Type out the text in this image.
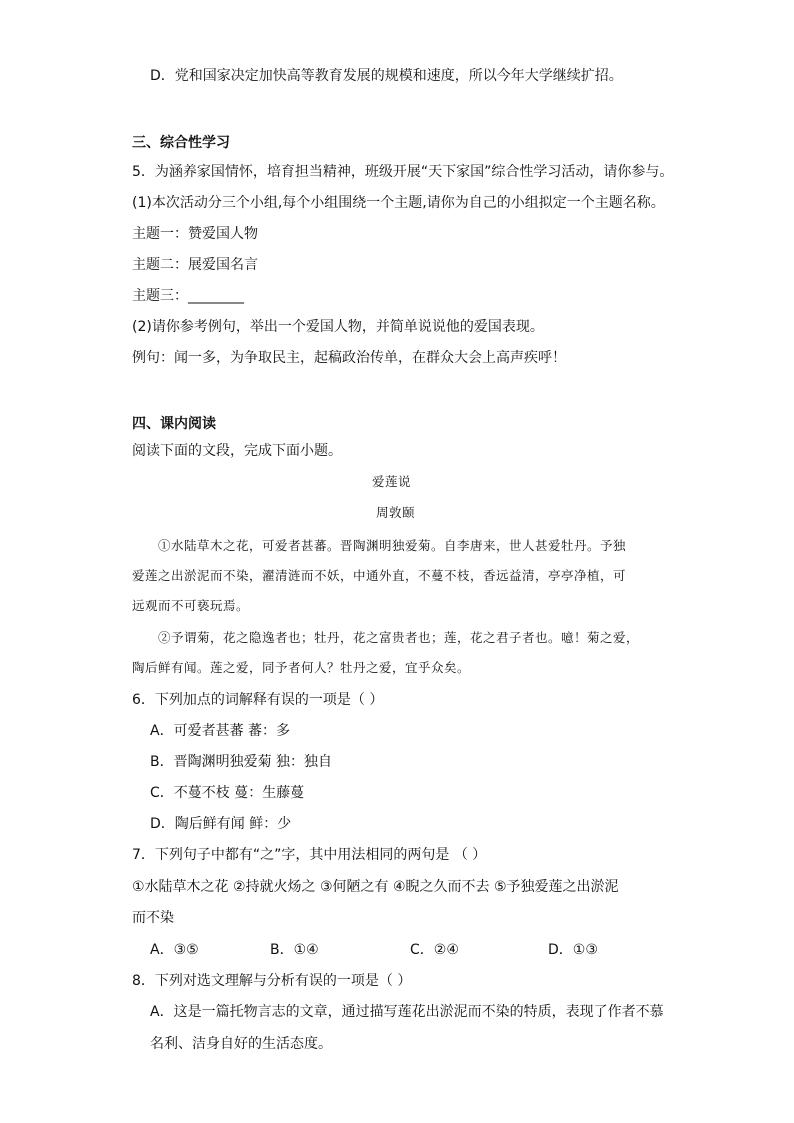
D．党和国家决定加快高等教育发展的规模和速度，所以今年大学继续扩招。
三、综合性学习
5．为涵养家国情怀，培育担当精神，班级开展“天下家国”综合性学习活动，请你参与。
(1)本次活动分三个小组,每个小组围绕一个主题,请你为自己的小组拟定一个主题名称。
主题一：赞爱国人物
主题二：展爱国名言
主题三：________
(2)请你参考例句，举出一个爱国人物，并简单说说他的爱国表现。
例句：闻一多，为争取民主，起稿政治传单，在群众大会上高声疾呼！
四、课内阅读
阅读下面的文段，完成下面小题。
爱莲说
周敦颐
①水陆草木之花，可爱者甚蕃。晋陶渊明独爱菊。自李唐来，世人甚爱牡丹。予独
爱莲之出淤泥而不染，濯清涟而不妖，中通外直，不蔓不枝，香远益清，亭亭净植，可
远观而不可亵玩焉。
②予谓菊，花之隐逸者也；牡丹，花之富贵者也；莲，花之君子者也。噫！菊之爱，
陶后鲜有闻。莲之爱，同予者何人？牡丹之爱，宜乎众矣。
6．下列加点的词解释有误的一项是（ ）
A．可爱者甚蕃 蕃：多
B．晋陶渊明独爱菊 独：独自
C．不蔓不枝 蔓：生藤蔓
D．陶后鲜有闻 鲜：少
7．下列句子中都有“之”字，其中用法相同的两句是 （ ）
①水陆草木之花 ②持就火炀之 ③何陋之有 ④睨之久而不去 ⑤予独爱莲之出淤泥
而不染
A．③⑤	B．①④	C．②④	D．①③
8．下列对选文理解与分析有误的一项是（ ）
A．这是一篇托物言志的文章，通过描写莲花出淤泥而不染的特质，表现了作者不慕
名利、洁身自好的生活态度。
